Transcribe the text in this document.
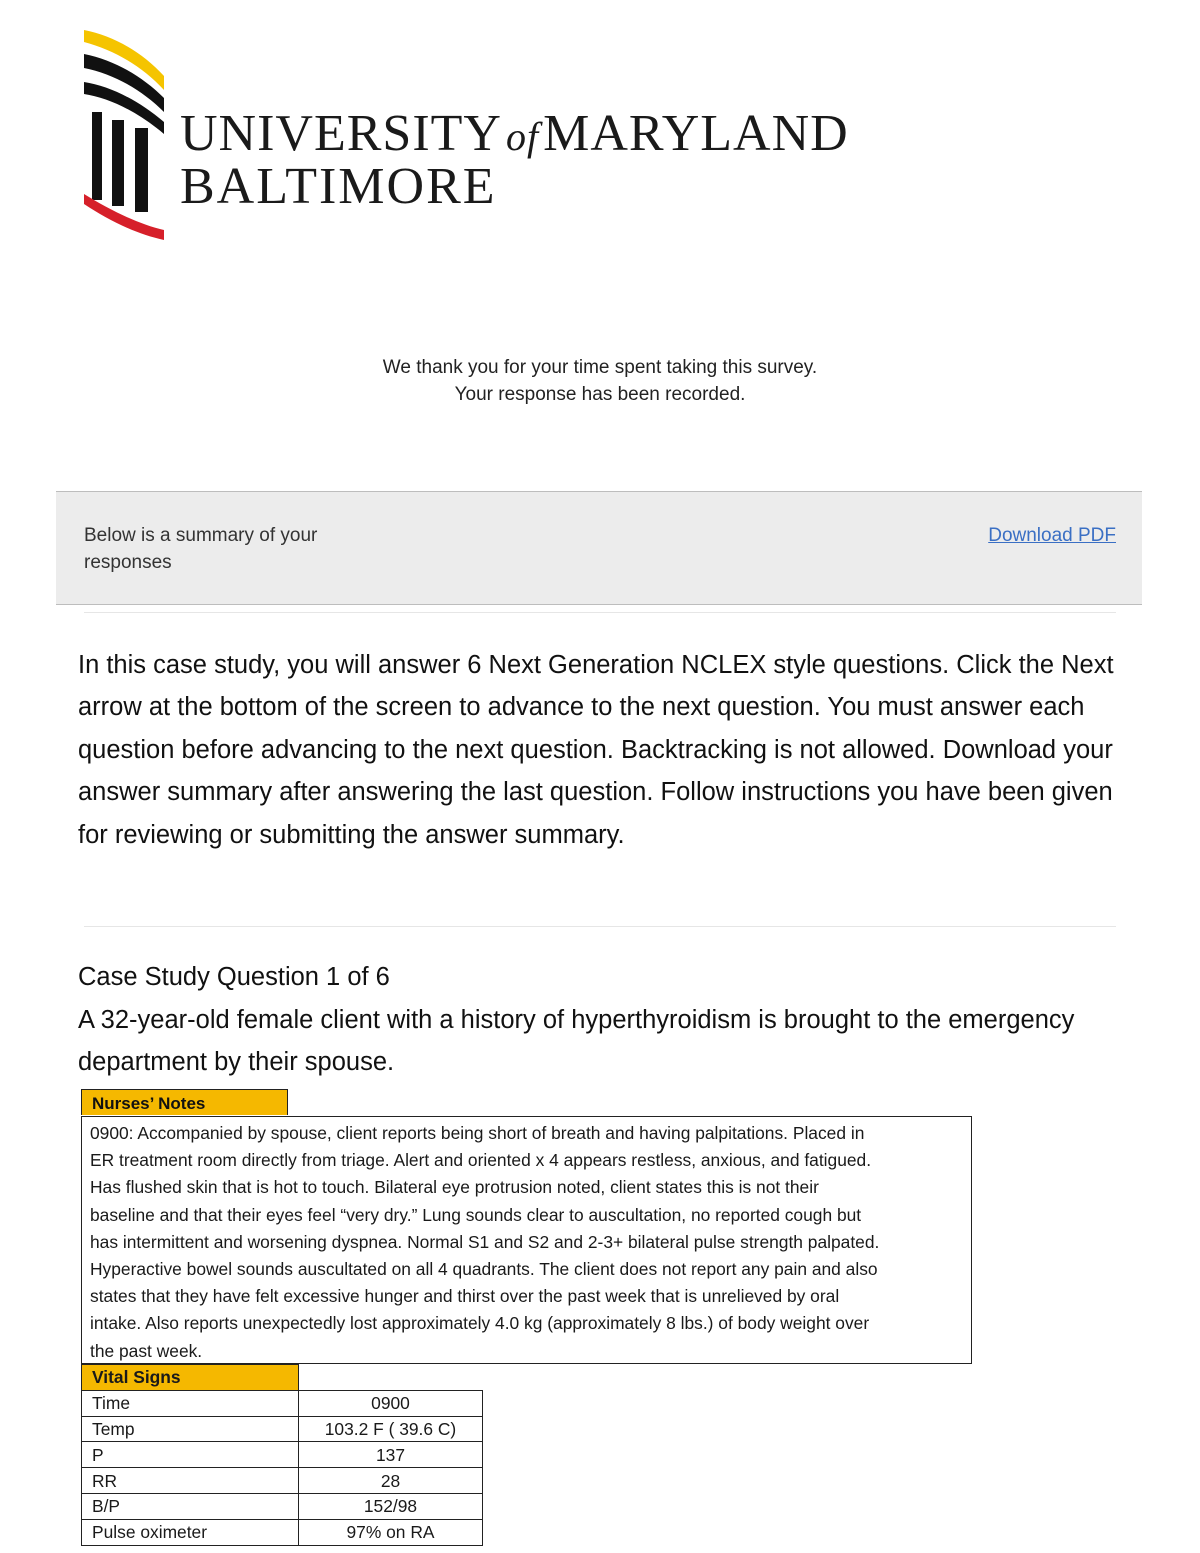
UNIVERSITY ofMARYLAND
BALTIMORE
We thank you for your time spent taking this survey.
Your response has been recorded.
Below is a summary of your responses
Download PDF
In this case study, you will answer 6 Next Generation NCLEX style questions. Click the Next arrow at the bottom of the screen to advance to the next question. You must answer each question before advancing to the next question. Backtracking is not allowed. Download your answer summary after answering the last question. Follow instructions you have been given for reviewing or submitting the answer summary.
Case Study Question 1 of 6
A 32-year-old female client with a history of hyperthyroidism is brought to the emergency department by their spouse.
Nurses’ Notes
0900: Accompanied by spouse, client reports being short of breath and having palpitations. Placed in
ER treatment room directly from triage. Alert and oriented x 4 appears restless, anxious, and fatigued.
Has flushed skin that is hot to touch. Bilateral eye protrusion noted, client states this is not their
baseline and that their eyes feel “very dry.” Lung sounds clear to auscultation, no reported cough but
has intermittent and worsening dyspnea. Normal S1 and S2 and 2-3+ bilateral pulse strength palpated.
Hyperactive bowel sounds auscultated on all 4 quadrants. The client does not report any pain and also
states that they have felt excessive hunger and thirst over the past week that is unrelieved by oral
intake. Also reports unexpectedly lost approximately 4.0 kg (approximately 8 lbs.) of body weight over
the past week.
Vital Signs	
Time	0900
Temp	103.2 F ( 39.6 C)
P	137
RR	28
B/P	152/98
Pulse oximeter	97% on RA
